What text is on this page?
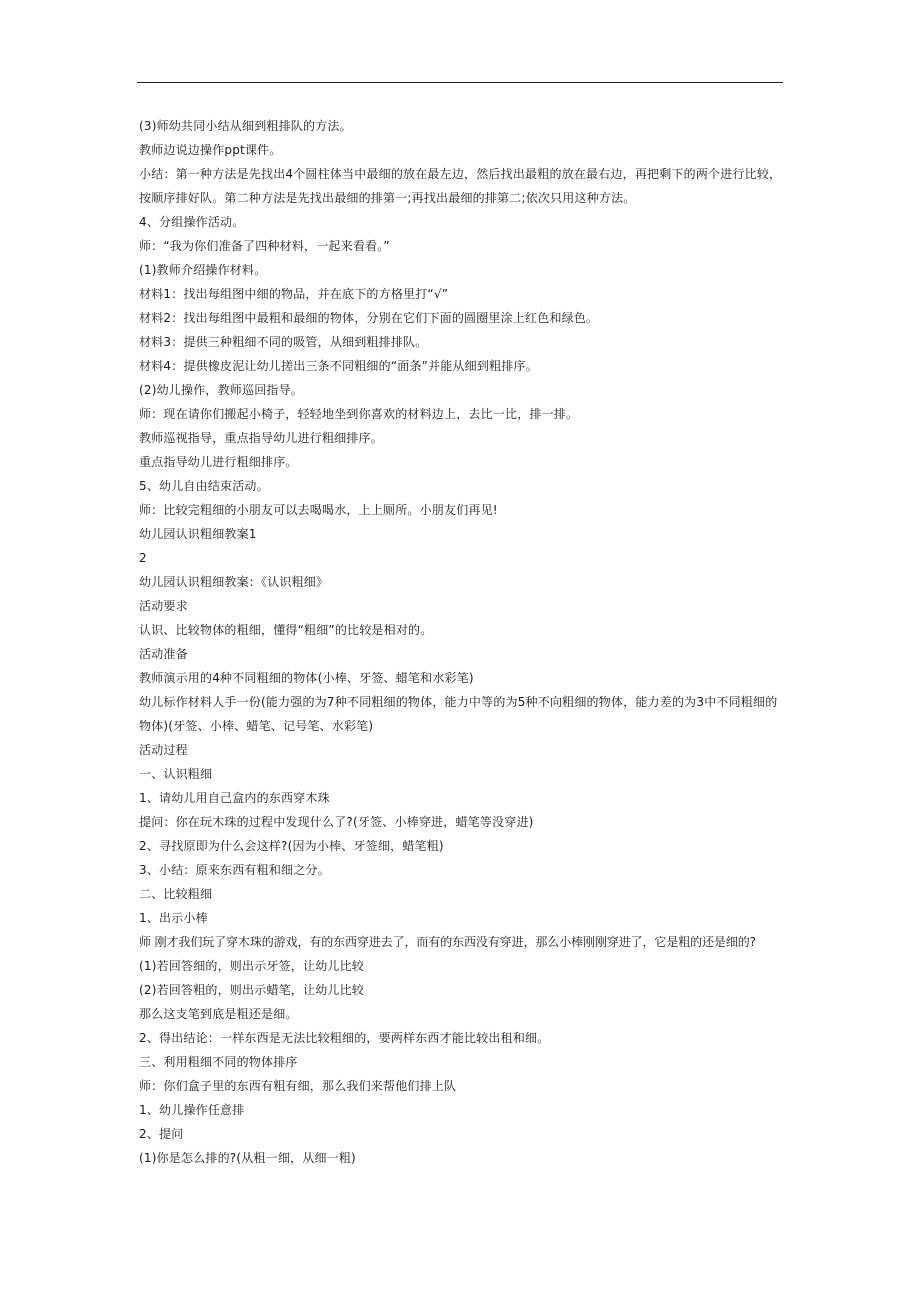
(3)师幼共同小结从细到粗排队的方法。
教师边说边操作ppt课件。
小结：第一种方法是先找出4个圆柱体当中最细的放在最左边，然后找出最粗的放在最右边，再把剩下的两个进行比较，按顺序排好队。第二种方法是先找出最细的排第一;再找出最细的排第二;依次只用这种方法。
4、分组操作活动。
师：“我为你们准备了四种材料，一起来看看。”
(1)教师介绍操作材料。
材料1：找出每组图中细的物品，并在底下的方格里打“√”
材料2：找出每组图中最粗和最细的物体，分别在它们下面的圆圈里涂上红色和绿色。
材料3：提供三种粗细不同的吸管，从细到粗排排队。
材料4：提供橡皮泥让幼儿搓出三条不同粗细的“面条”并能从细到粗排序。
(2)幼儿操作，教师巡回指导。
师：现在请你们搬起小椅子，轻轻地坐到你喜欢的材料边上，去比一比，排一排。
教师巡视指导，重点指导幼儿进行粗细排序。
重点指导幼儿进行粗细排序。
5、幼儿自由结束活动。
师：比较完粗细的小朋友可以去喝喝水，上上厕所。小朋友们再见!
幼儿园认识粗细教案1
2
幼儿园认识粗细教案：《认识粗细》
活动要求
认识、比较物体的粗细，懂得“粗细”的比较是相对的。
活动准备
教师演示用的4种不同粗细的物体(小棒、牙签、蜡笔和水彩笔)
幼儿标作材料人手一份(能力强的为7种不同粗细的物体，能力中等的为5种不向粗细的物体，能力差的为3中不同粗细的物体)(牙签、小棒、蜡笔、记号笔、水彩笔)
活动过程
一、认识粗细
1、请幼儿用自己盒内的东西穿木珠
提问：你在玩木珠的过程中发现什么了?(牙签、小棒穿进，蜡笔等没穿进)
2、寻找原即为什么会这样?(因为小棒、牙签细，蜡笔粗)
3、小结：原来东西有粗和细之分。
二、比较粗细
1、出示小棒
师 刚才我们玩了穿木珠的游戏，有的东西穿进去了，而有的东西没有穿进，那么小棒刚刚穿进了，它是粗的还是细的?
(1)若回答细的，则出示牙签，让幼儿比较
(2)若回答粗的，则出示蜡笔，让幼儿比较
那么这支笔到底是粗还是细。
2、得出结论：一样东西是无法比较粗细的，要两样东西才能比较出租和细。
三、利用粗细不同的物体排序
师：你们盒子里的东西有粗有细，那么我们来帮他们排上队
1、幼儿操作任意排
2、提问
(1)你是怎么排的?(从粗一细，从细一粗)
